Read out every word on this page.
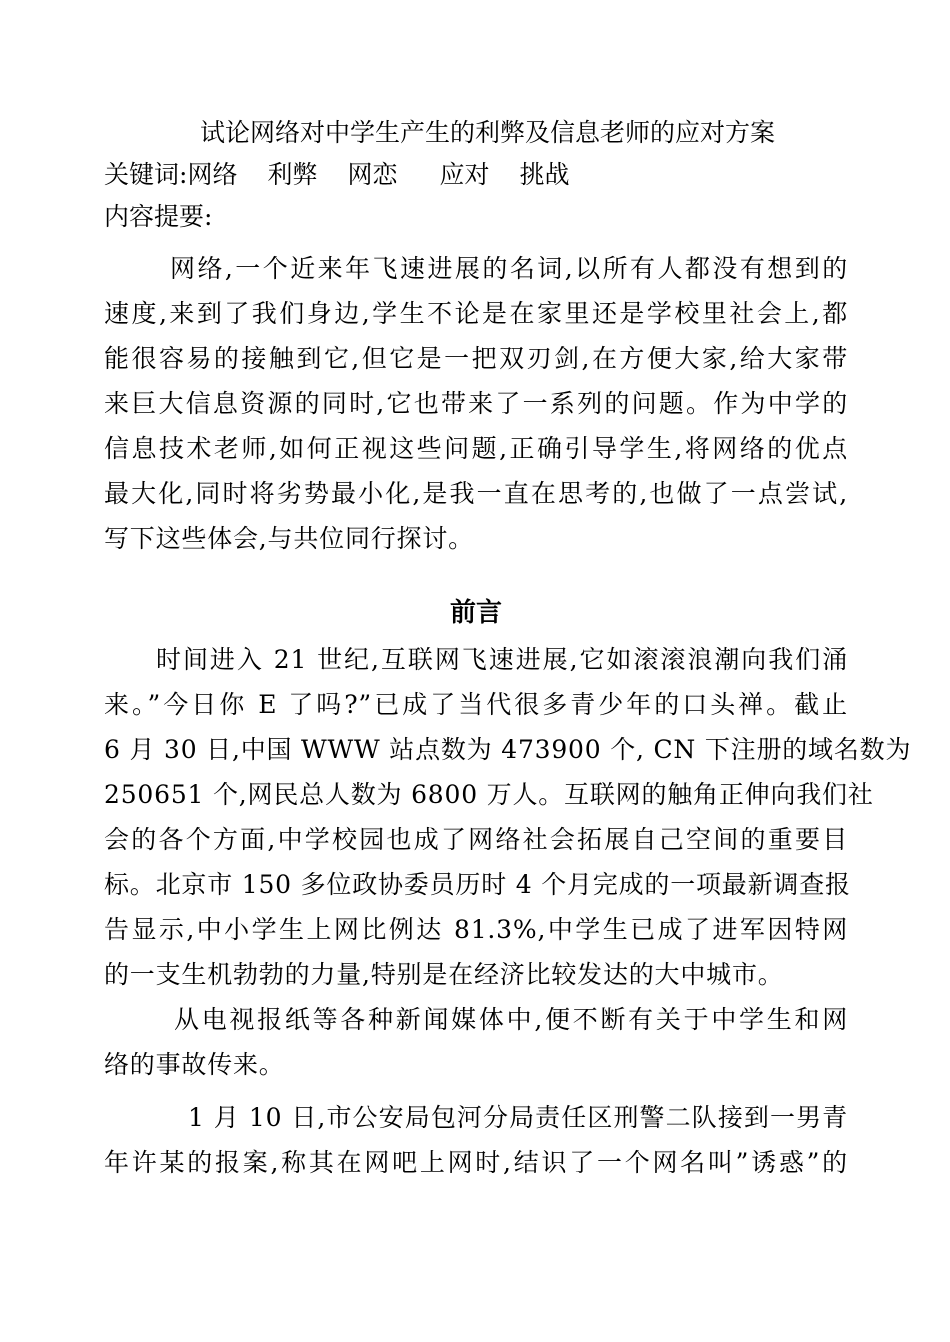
试论网络对中学生产生的利弊及信息老师的应对方案
关键词:网络 利弊 网恋 应对 挑战
内容提要:
网络,一个近来年飞速进展的名词,以所有人都没有想到的
速度,来到了我们身边,学生不论是在家里还是学校里社会上,都
能很容易的接触到它,但它是一把双刃剑,在方便大家,给大家带
来巨大信息资源的同时,它也带来了一系列的问题。作为中学的
信息技术老师,如何正视这些问题,正确引导学生,将网络的优点
最大化,同时将劣势最小化,是我一直在思考的,也做了一点尝试,
写下这些体会,与共位同行探讨。
前言
时间进入 21 世纪,互联网飞速进展,它如滚滚浪潮向我们涌
来。”今日你 E 了吗?”已成了当代很多青少年的口头禅。截止
6 月 30 日,中国 WWW 站点数为 473900 个, CN 下注册的域名数为
250651 个,网民总人数为 6800 万人。互联网的触角正伸向我们社
会的各个方面,中学校园也成了网络社会拓展自己空间的重要目
标。北京市 150 多位政协委员历时 4 个月完成的一项最新调查报
告显示,中小学生上网比例达 81.3%,中学生已成了进军因特网
的一支生机勃勃的力量,特别是在经济比较发达的大中城市。
从电视报纸等各种新闻媒体中,便不断有关于中学生和网
络的事故传来。
1 月 10 日,市公安局包河分局责任区刑警二队接到一男青
年许某的报案,称其在网吧上网时,结识了一个网名叫”诱惑”的
